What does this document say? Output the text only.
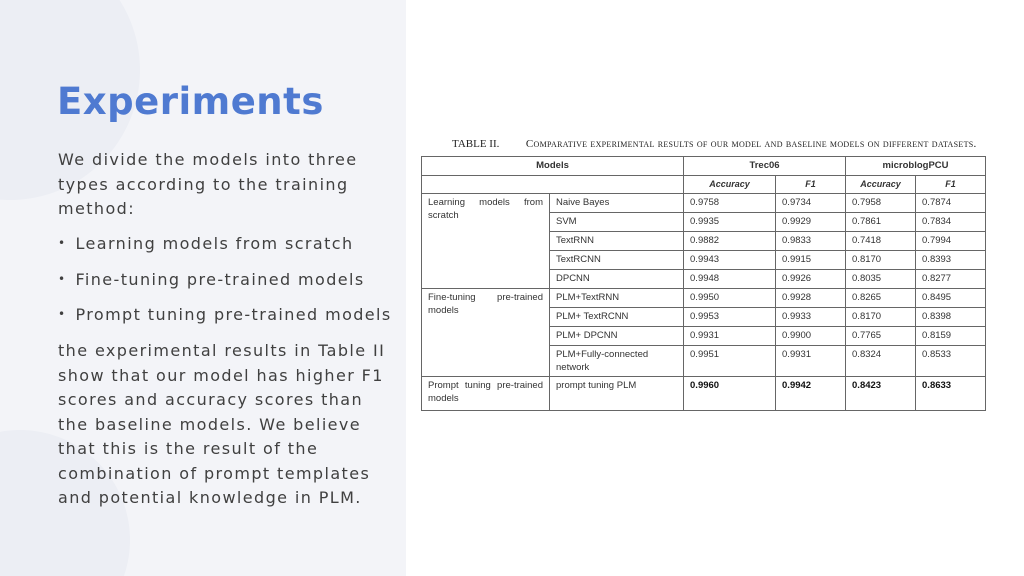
Experiments
We divide the models into three types according to the training method:
• Learning models from scratch
• Fine-tuning pre-trained models
• Prompt tuning pre-trained models
the experimental results in Table II show that our model has higher F1 scores and accuracy scores than the baseline models. We believe that this is the result of the combination of prompt templates and potential knowledge in PLM.
TABLE II. Comparative experimental results of our model and baseline models on different datasets.
Models		Trec06		microblogPCU	
		Accuracy	F1	Accuracy	F1
Learning models from scratch	Naive Bayes	0.9758	0.9734	0.7958	0.7874
	SVM	0.9935	0.9929	0.7861	0.7834
	TextRNN	0.9882	0.9833	0.7418	0.7994
	TextRCNN	0.9943	0.9915	0.8170	0.8393
	DPCNN	0.9948	0.9926	0.8035	0.8277
Fine-tuning pre-trained models	PLM+TextRNN	0.9950	0.9928	0.8265	0.8495
	PLM+ TextRCNN	0.9953	0.9933	0.8170	0.8398
	PLM+ DPCNN	0.9931	0.9900	0.7765	0.8159
	PLM+Fully-connected network	0.9951	0.9931	0.8324	0.8533
Prompt tuning pre-trained models	prompt tuning PLM	0.9960	0.9942	0.8423	0.8633
